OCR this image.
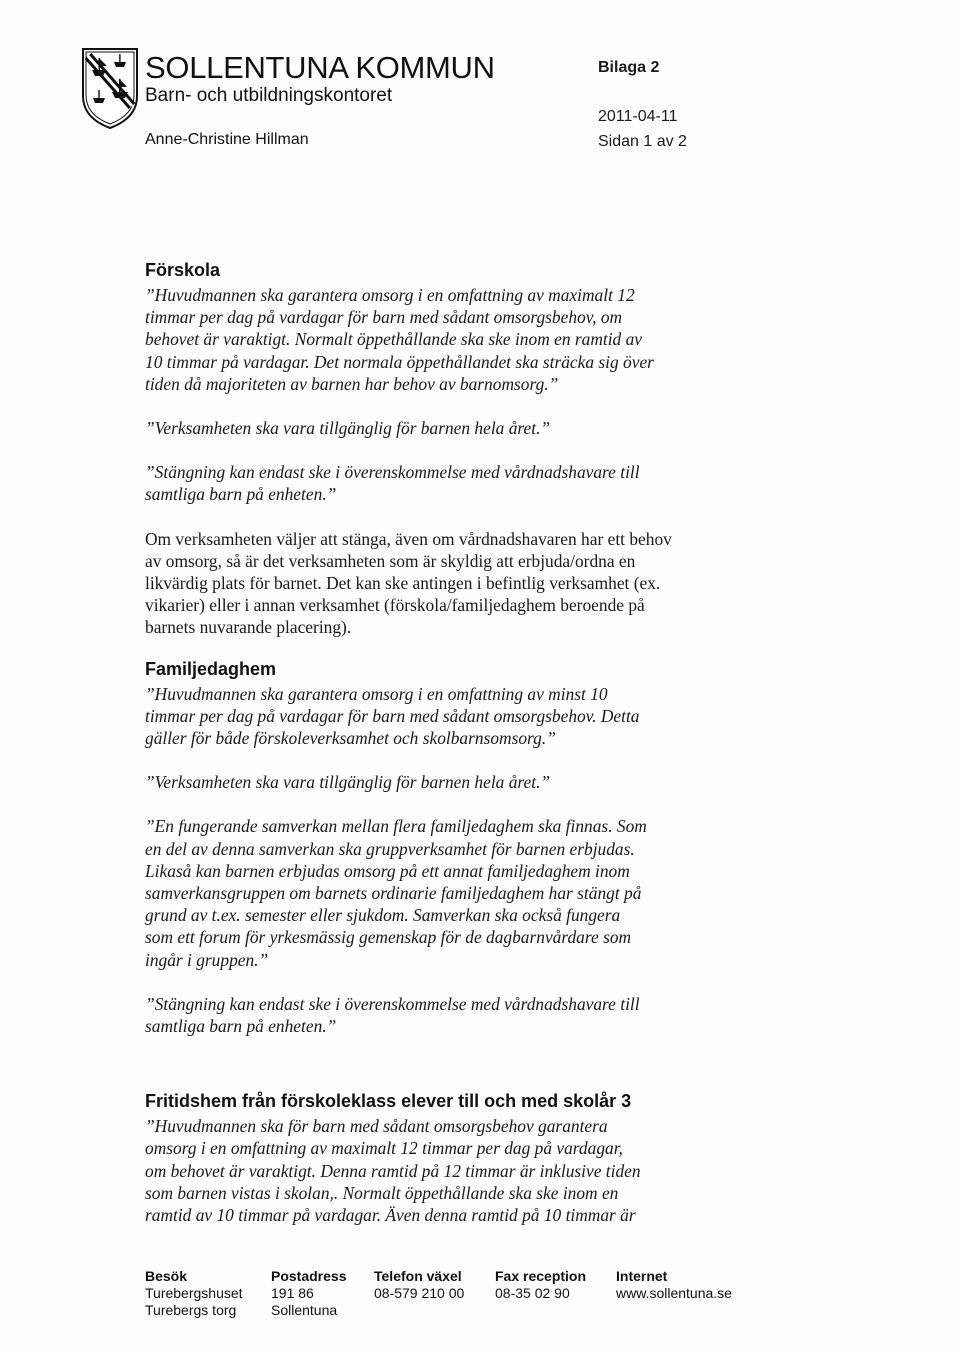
SOLLENTUNA KOMMUN
Barn- och utbildningskontoret
Anne-Christine Hillman
Bilaga 2
2011-04-11
Sidan 1 av 2
Förskola

”Huvudmannen ska garantera omsorg i en omfattning av maximalt 12
timmar per dag på vardagar för barn med sådant omsorgsbehov, om
behovet är varaktigt. Normalt öppethållande ska ske inom en ramtid av
10 timmar på vardagar. Det normala öppethållandet ska sträcka sig över
tiden då majoriteten av barnen har behov av barnomsorg.”

”Verksamheten ska vara tillgänglig för barnen hela året.”

”Stängning kan endast ske i överenskommelse med vårdnadshavare till
samtliga barn på enheten.”

Om verksamheten väljer att stänga, även om vårdnadshavaren har ett behov
av omsorg, så är det verksamheten som är skyldig att erbjuda/ordna en
likvärdig plats för barnet. Det kan ske antingen i befintlig verksamhet (ex.
vikarier) eller i annan verksamhet (förskola/familjedaghem beroende på
barnets nuvarande placering).

Familjedaghem

”Huvudmannen ska garantera omsorg i en omfattning av minst 10
timmar per dag på vardagar för barn med sådant omsorgsbehov. Detta
gäller för både förskoleverksamhet och skolbarnsomsorg.”

”Verksamheten ska vara tillgänglig för barnen hela året.”

”En fungerande samverkan mellan flera familjedaghem ska finnas. Som
en del av denna samverkan ska gruppverksamhet för barnen erbjudas.
Likaså kan barnen erbjudas omsorg på ett annat familjedaghem inom
samverkansgruppen om barnets ordinarie familjedaghem har stängt på
grund av t.ex. semester eller sjukdom. Samverkan ska också fungera
som ett forum för yrkesmässig gemenskap för de dagbarnvårdare som
ingår i gruppen.”

”Stängning kan endast ske i överenskommelse med vårdnadshavare till
samtliga barn på enheten.”

Fritidshem från förskoleklass elever till och med skolår 3

”Huvudmannen ska för barn med sådant omsorgsbehov garantera
omsorg i en omfattning av maximalt 12 timmar per dag på vardagar,
om behovet är varaktigt. Denna ramtid på 12 timmar är inklusive tiden
som barnen vistas i skolan,. Normalt öppethållande ska ske inom en
ramtid av 10 timmar på vardagar. Även denna ramtid på 10 timmar är

Besök
Turebergshuset
Turebergs torg
Postadress
191 86
Sollentuna
Telefon växel
08-579 210 00
Fax reception
08-35 02 90
Internet
www.sollentuna.se
